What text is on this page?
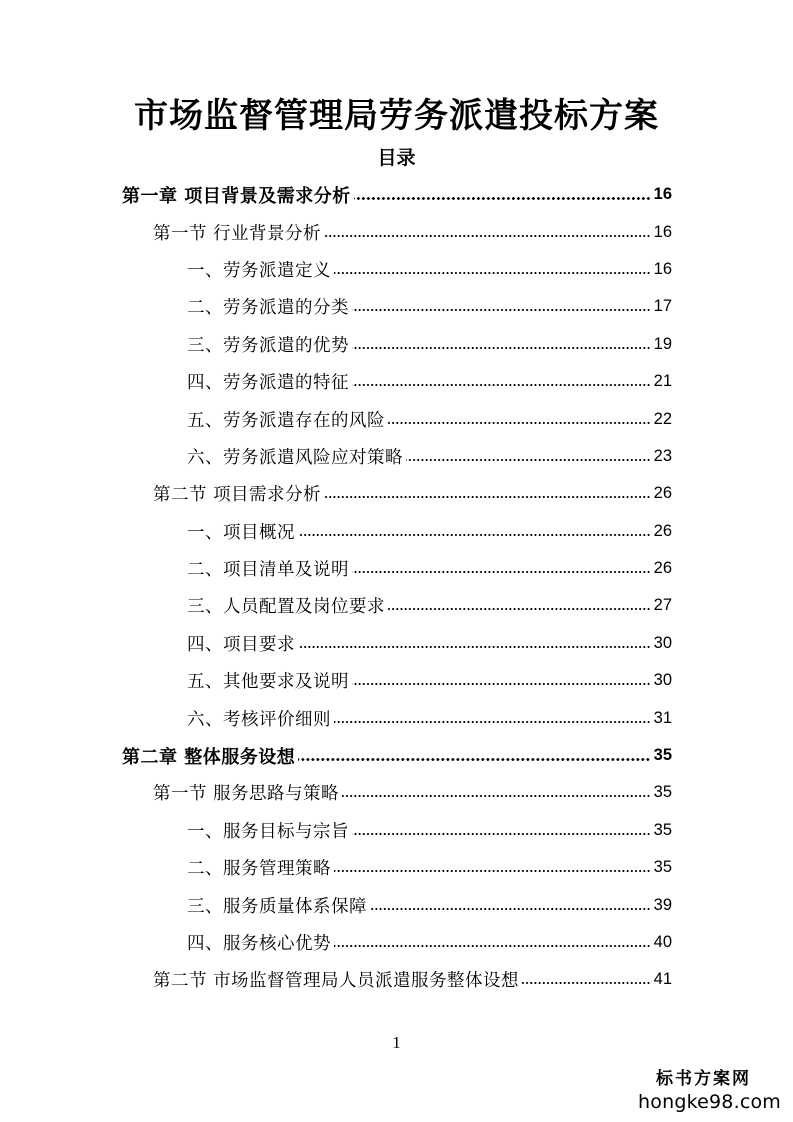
市场监督管理局劳务派遣投标方案
目录
第一章 项目背景及需求分析	16
第一节 行业背景分析	16
一、劳务派遣定义	16
二、劳务派遣的分类	17
三、劳务派遣的优势	19
四、劳务派遣的特征	21
五、劳务派遣存在的风险	22
六、劳务派遣风险应对策略	23
第二节 项目需求分析	26
一、项目概况	26
二、项目清单及说明	26
三、人员配置及岗位要求	27
四、项目要求	30
五、其他要求及说明	30
六、考核评价细则	31
第二章 整体服务设想	35
第一节 服务思路与策略	35
一、服务目标与宗旨	35
二、服务管理策略	35
三、服务质量体系保障	39
四、服务核心优势	40
第二节 市场监督管理局人员派遣服务整体设想	41
1
标书方案网
hongke98.com
